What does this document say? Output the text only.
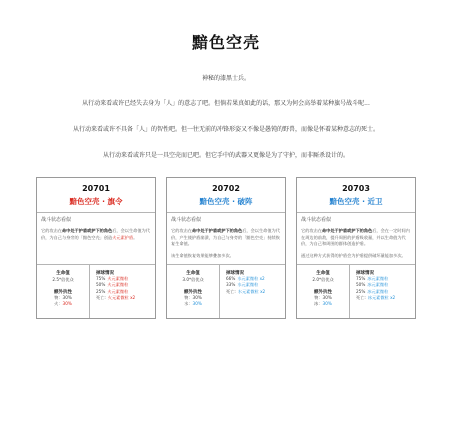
黯色空壳
神秘的漆黑士兵。
从行动来看或许已经失去身为「人」的意志了吧。但倘若果真如此的话，那又为何会高举着某种旗号战斗呢...
从行动来看或许不具备「人」的智性吧。但一往无前的冲锋形姿又不像是愚钝的野兽，而像是怀着某种意志的死士。
从行动来看或许只是一具空壳而已吧。但它手中的武器又更像是为了守护，而非厮杀设计的。
20701
黯色空壳 · 旗令
战斗状态看似
它的攻击在命中处于护盾或护下的角色后，会以生命值为代价，为自己与身旁的「黯色空壳」创造火元素护盾。
生命值
2.5*倍优众
额外抗性
物：30%
火：30%
掉球情况
75% 火元素微粒
50% 火元素微粒
25% 火元素微粒
死亡: 火元素微粒 x2
20702
黯色空壳 · 破阵
战斗状态看似
它的攻击在命中处于护盾或护下的角色后，会以生命值为代价，产生使护盾崩溃，为自己与身旁的「黯色空壳」持续恢复生命值。
该生命值恢复效果能够叠加多次。
生命值
3.0*倍优众
额外抗性
物：30%
水：30%
掉球情况
66% 水元素微粒 x2
33% 水元素微粒
死亡: 水元素微粒 x2
20703
黯色空壳 · 近卫
战斗状态看似
它的攻击在命中处于护盾或护下的角色后，会在一定时间内在周边的前敌，提升周围的护盾吸收量，并以生命值为代价，为自己和周围的群体创造护盾。
通过这种方式获得的护盾会为护盾提供破坏量能加多次。
生命值
2.0*倍优众
额外抗性
物：30%
冰：30%
掉球情况
75% 冰元素微粒
50% 冰元素微粒
25% 冰元素微粒
死亡: 冰元素微粒 x2
